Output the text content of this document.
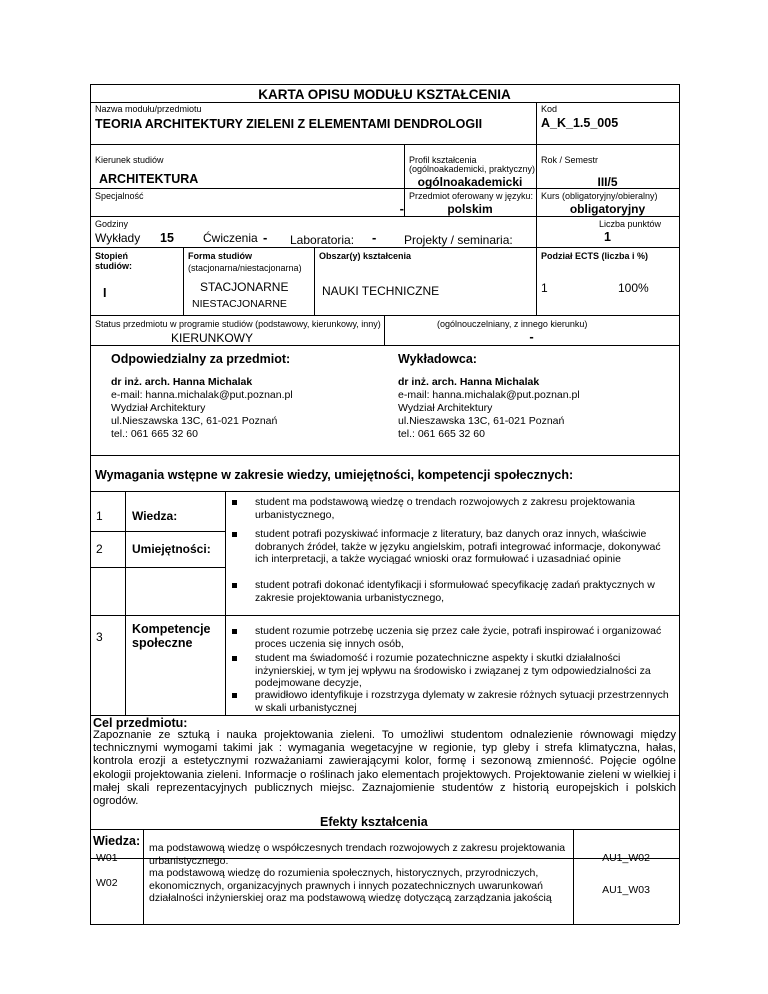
KARTA OPISU MODUŁU KSZTAŁCENIA
Nazwa modułu/przedmiotu
TEORIA ARCHITEKTURY ZIELENI Z ELEMENTAMI DENDROLOGII
Kod
A_K_1.5_005
Kierunek studiów
ARCHITEKTURA
Profil kształcenia
(ogólnoakademicki, praktyczny)
ogólnoakademicki
Rok / Semestr
III/5
Specjalność
-
Przedmiot oferowany w języku:
polskim
Kurs (obligatoryjny/obieralny)
obligatoryjny
Godziny
Wykłady 15 Ćwiczenia - Laboratoria: - Projekty / seminaria:
Liczba punktów
1
Stopień
studiów:
I
Forma studiów
(stacjonarna/niestacjonarna)
STACJONARNE
NIESTACJONARNE
Obszar(y) kształcenia
NAUKI TECHNICZNE
Podział ECTS (liczba i %)
1	100%
Status przedmiotu w programie studiów (podstawowy, kierunkowy, inny)
KIERUNKOWY
(ogólnouczelniany, z innego kierunku)
-
Odpowiedzialny za przedmiot:
dr inż. arch. Hanna Michalak
e-mail: hanna.michalak@put.poznan.pl
Wydział Architektury
ul.Nieszawska 13C, 61-021 Poznań
tel.: 061 665 32 60
Wykładowca:
dr inż. arch. Hanna Michalak
e-mail: hanna.michalak@put.poznan.pl
Wydział Architektury
ul.Nieszawska 13C, 61-021 Poznań
tel.: 061 665 32 60
Wymagania wstępne w zakresie wiedzy, umiejętności, kompetencji społecznych:
1 Wiedza:
2 Umiejętności:
3
Kompetencje społeczne
student ma podstawową wiedzę o trendach rozwojowych z zakresu projektowania urbanistycznego,
student potrafi pozyskiwać informacje z literatury, baz danych oraz innych, właściwie dobranych źródeł, także w języku angielskim, potrafi integrować informacje, dokonywać ich interpretacji, a także wyciągać wnioski oraz formułować i uzasadniać opinie
student potrafi dokonać identyfikacji i sformułować specyfikację zadań praktycznych w zakresie projektowania urbanistycznego,
student rozumie potrzebę uczenia się przez całe życie, potrafi inspirować i organizować proces uczenia się innych osób,
student ma świadomość i rozumie pozatechniczne aspekty i skutki działalności inżynierskiej, w tym jej wpływu na środowisko i związanej z tym odpowiedzialności za podejmowane decyzje,
prawidłowo identyfikuje i rozstrzyga dylematy w zakresie różnych sytuacji przestrzennych w skali urbanistycznej
Cel przedmiotu:
Zapoznanie ze sztuką i nauka projektowania zieleni. To umożliwi studentom odnalezienie równowagi między technicznymi wymogami takimi jak : wymagania wegetacyjne w regionie, typ gleby i strefa klimatyczna, hałas, kontrola erozji a estetycznymi rozważaniami zawierającymi kolor, formę i sezonową zmienność. Pojęcie ogólne ekologii projektowania zieleni. Informacje o roślinach jako elementach projektowych. Projektowanie zieleni w wielkiej i małej skali reprezentacyjnych publicznych miejsc. Zaznajomienie studentów z historią europejskich i polskich ogrodów.
Efekty kształcenia
Wiedza:
W01
ma podstawową wiedzę o współczesnych trendach rozwojowych z zakresu projektowania urbanistycznego.	AU1_W02
W02
ma podstawową wiedzę do rozumienia społecznych, historycznych, przyrodniczych, ekonomicznych, organizacyjnych prawnych i innych pozatechnicznych uwarunkowań działalności inżynierskiej oraz ma podstawową wiedzę dotyczącą zarządzania jakością
AU1_W03
